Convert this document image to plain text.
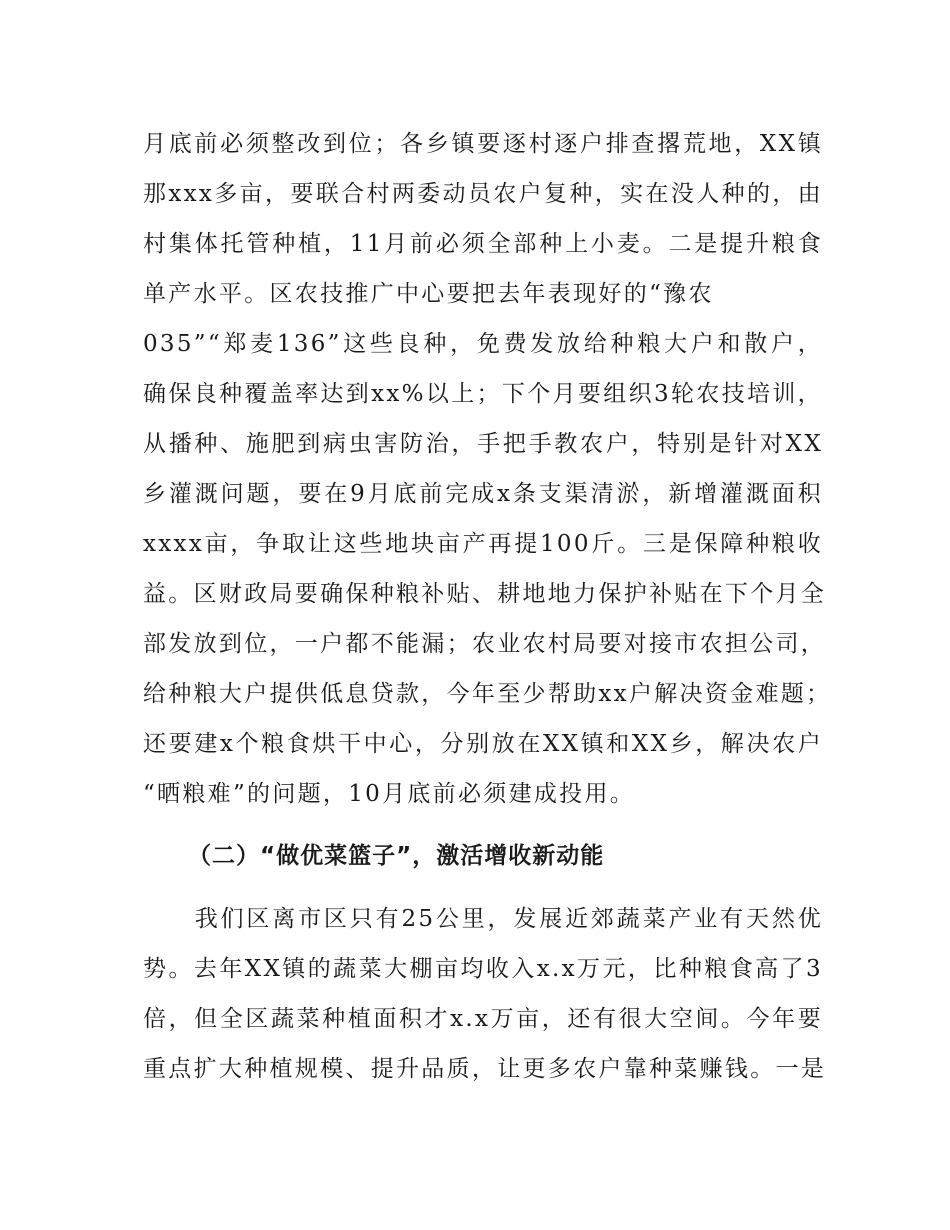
月底前必须整改到位；各乡镇要逐村逐户排查撂荒地，XX镇
那xxx多亩，要联合村两委动员农户复种，实在没人种的，由
村集体托管种植，11月前必须全部种上小麦。二是提升粮食
单产水平。区农技推广中心要把去年表现好的“豫农
035”“郑麦136”这些良种，免费发放给种粮大户和散户，
确保良种覆盖率达到xx%以上；下个月要组织3轮农技培训，
从播种、施肥到病虫害防治，手把手教农户，特别是针对XX
乡灌溉问题，要在9月底前完成x条支渠清淤，新增灌溉面积
xxxx亩，争取让这些地块亩产再提100斤。三是保障种粮收
益。区财政局要确保种粮补贴、耕地地力保护补贴在下个月全
部发放到位，一户都不能漏；农业农村局要对接市农担公司，
给种粮大户提供低息贷款，今年至少帮助xx户解决资金难题；
还要建x个粮食烘干中心，分别放在XX镇和XX乡，解决农户
“晒粮难”的问题，10月底前必须建成投用。
（二）“做优菜篮子”，激活增收新动能
　　我们区离市区只有25公里，发展近郊蔬菜产业有天然优
势。去年XX镇的蔬菜大棚亩均收入x.x万元，比种粮食高了3
倍，但全区蔬菜种植面积才x.x万亩，还有很大空间。今年要
重点扩大种植规模、提升品质，让更多农户靠种菜赚钱。一是
